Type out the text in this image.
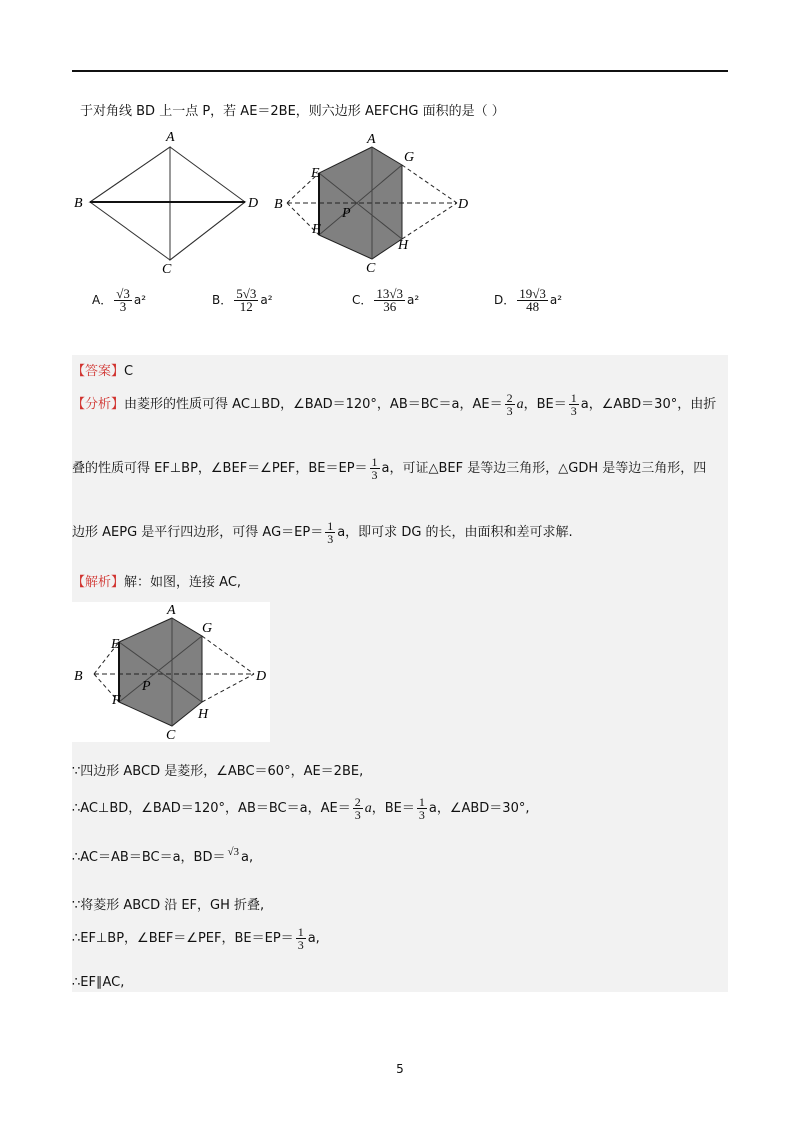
于对角线 BD 上一点 P，若 AE＝2BE，则六边形 AEFCHG 面积的是（ ）
A
B	D
C
A
E
F
G
H
P
B	D
C
A． $\frac{√3}{3} a^2$	B． $\frac{5√3}{12} a^2$	C． $\frac{13√3}{36} a^2$	D． $\frac{19√3}{48} a^2$
【答案】C
【分析】由菱形的性质可得 AC⊥BD，∠BAD＝120°，AB＝BC＝a，$AE= \frac{2}{3}$ a，$BE= \frac{1}{3}$ a，∠ABD＝30°，由折
叠的性质可得 EF⊥BP，∠BEF＝∠PEF，$BE=EP= \frac{1}{3}$ a，可证△BEF 是等边三角形，△GDH 是等边三角形，四
边形 AEPG 是平行四边形，可得 $AG=EP= \frac{1}{3}$ a，即可求 DG 的长，由面积和差可求解.
【解析】解：如图，连接 AC,
A
E
F
G
H
P
B	D
C
∵四边形 ABCD 是菱形，∠ABC＝60°，AE＝2BE,
∴AC⊥BD，∠BAD＝120°，AB＝BC＝a，$AE= \frac{2}{3}$ a，$BE= \frac{1}{3}$ a，∠ABD＝30°,
∴AC＝AB＝BC＝a，BD＝ √3 a,
∵将菱形 ABCD 沿 EF，GH 折叠,
∴EF⊥BP，∠BEF＝∠PEF，$BE=EP= \frac{1}{3} a$,
∴EF∥AC,
5
